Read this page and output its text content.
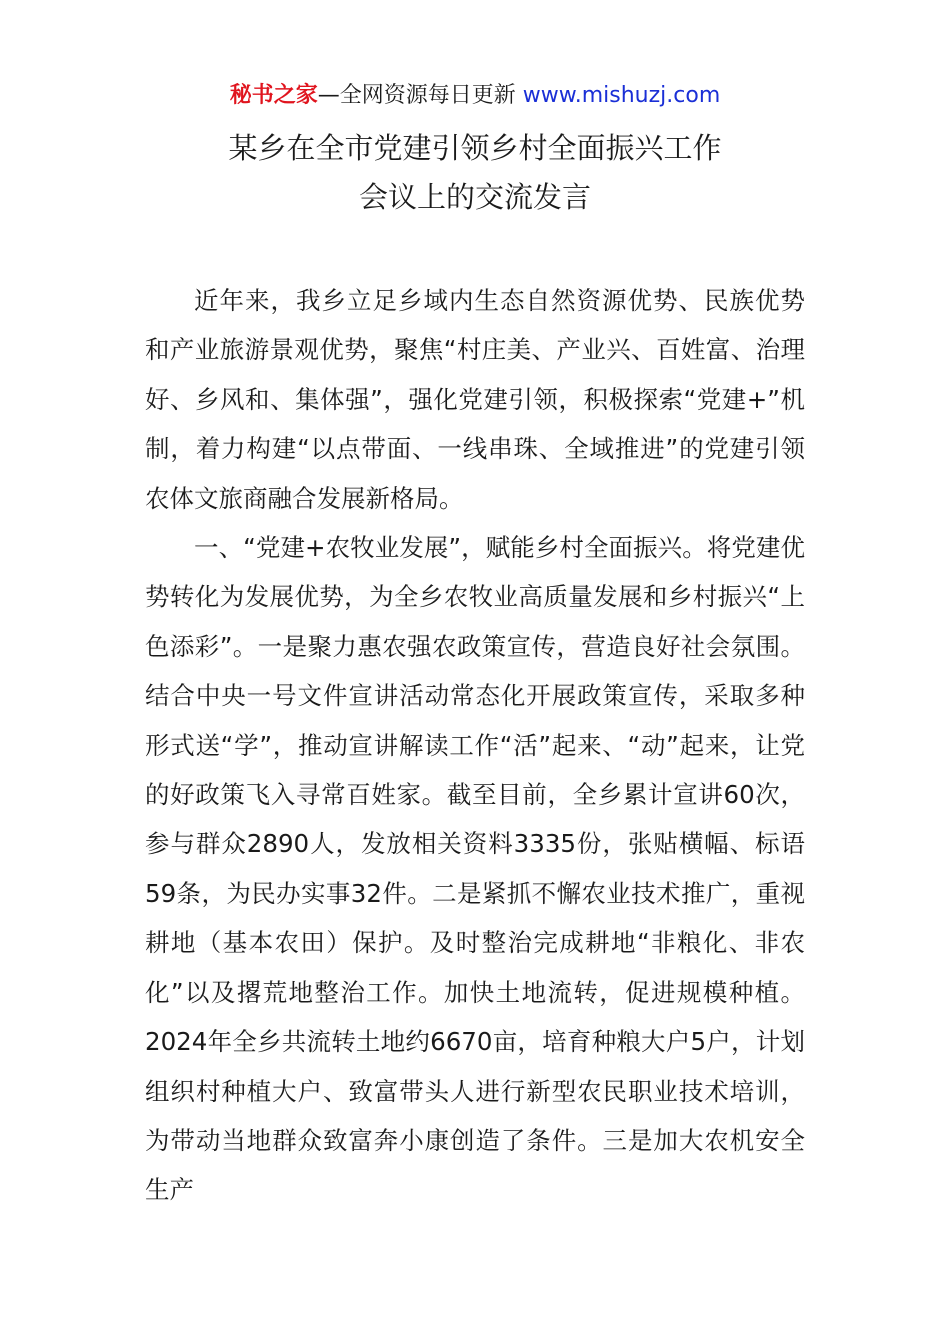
秘书之家—全网资源每日更新 www.mishuzj.com
某乡在全市党建引领乡村全面振兴工作
会议上的交流发言

近年来，我乡立足乡域内生态自然资源优势、民族优势和产业旅游景观优势，聚焦“村庄美、产业兴、百姓富、治理好、乡风和、集体强”，强化党建引领，积极探索“党建+”机制，着力构建“以点带面、一线串珠、全域推进”的党建引领农体文旅商融合发展新格局。

一、“党建+农牧业发展”，赋能乡村全面振兴。将党建优势转化为发展优势，为全乡农牧业高质量发展和乡村振兴“上色添彩”。一是聚力惠农强农政策宣传，营造良好社会氛围。结合中央一号文件宣讲活动常态化开展政策宣传，采取多种形式送“学”，推动宣讲解读工作“活”起来、“动”起来，让党的好政策飞入寻常百姓家。截至目前，全乡累计宣讲60次，参与群众2890人，发放相关资料3335份，张贴横幅、标语59条，为民办实事32件。二是紧抓不懈农业技术推广，重视耕地（基本农田）保护。及时整治完成耕地“非粮化、非农化”以及撂荒地整治工作。加快土地流转，促进规模种植。2024年全乡共流转土地约6670亩，培育种粮大户5户，计划组织村种植大户、致富带头人进行新型农民职业技术培训，为带动当地群众致富奔小康创造了条件。三是加大农机安全生产
